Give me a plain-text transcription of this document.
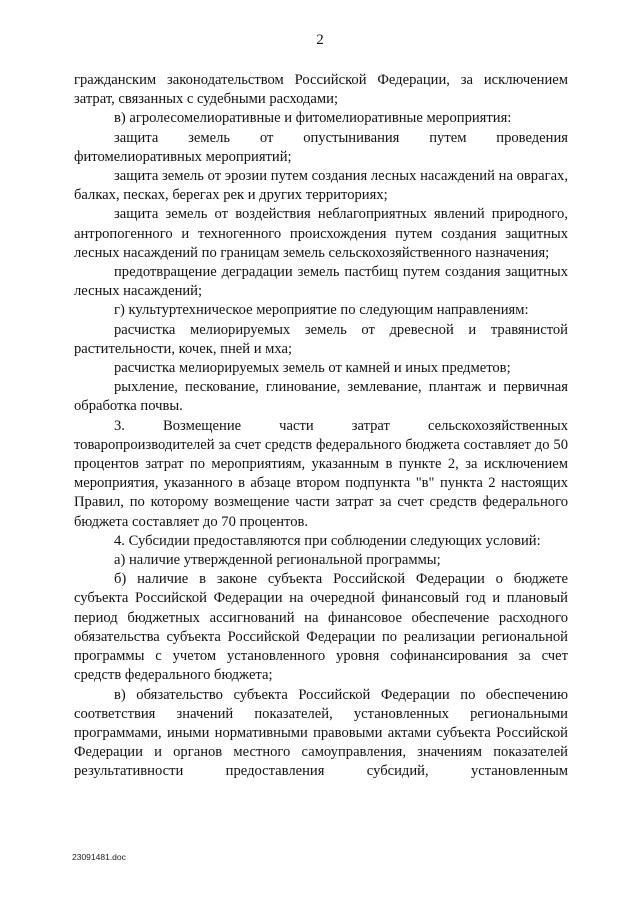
2

гражданским законодательством Российской Федерации, за исключением затрат, связанных с судебными расходами;

в) агролесомелиоративные и фитомелиоративные мероприятия:

защита земель от опустынивания путем проведения фитомелиоративных мероприятий;

защита земель от эрозии путем создания лесных насаждений на оврагах, балках, песках, берегах рек и других территориях;

защита земель от воздействия неблагоприятных явлений природного, антропогенного и техногенного происхождения путем создания защитных лесных насаждений по границам земель сельскохозяйственного назначения;

предотвращение деградации земель пастбищ путем создания защитных лесных насаждений;

г) культуртехническое мероприятие по следующим направлениям:

расчистка мелиорируемых земель от древесной и травянистой растительности, кочек, пней и мха;

расчистка мелиорируемых земель от камней и иных предметов;

рыхление, пескование, глинование, землевание, плантаж и первичная обработка почвы.

3. Возмещение части затрат сельскохозяйственных товаропроизводителей за счет средств федерального бюджета составляет до 50 процентов затрат по мероприятиям, указанным в пункте 2, за исключением мероприятия, указанного в абзаце втором подпункта "в" пункта 2 настоящих Правил, по которому возмещение части затрат за счет средств федерального бюджета составляет до 70 процентов.

4. Субсидии предоставляются при соблюдении следующих условий:

а) наличие утвержденной региональной программы;

б) наличие в законе субъекта Российской Федерации о бюджете субъекта Российской Федерации на очередной финансовый год и плановый период бюджетных ассигнований на финансовое обеспечение расходного обязательства субъекта Российской Федерации по реализации региональной программы с учетом установленного уровня софинансирования за счет средств федерального бюджета;

в) обязательство субъекта Российской Федерации по обеспечению соответствия значений показателей, установленных региональными программами, иными нормативными правовыми актами субъекта Российской Федерации и органов местного самоуправления, значениям показателей результативности предоставления субсидий, установленным

23091481.doc
